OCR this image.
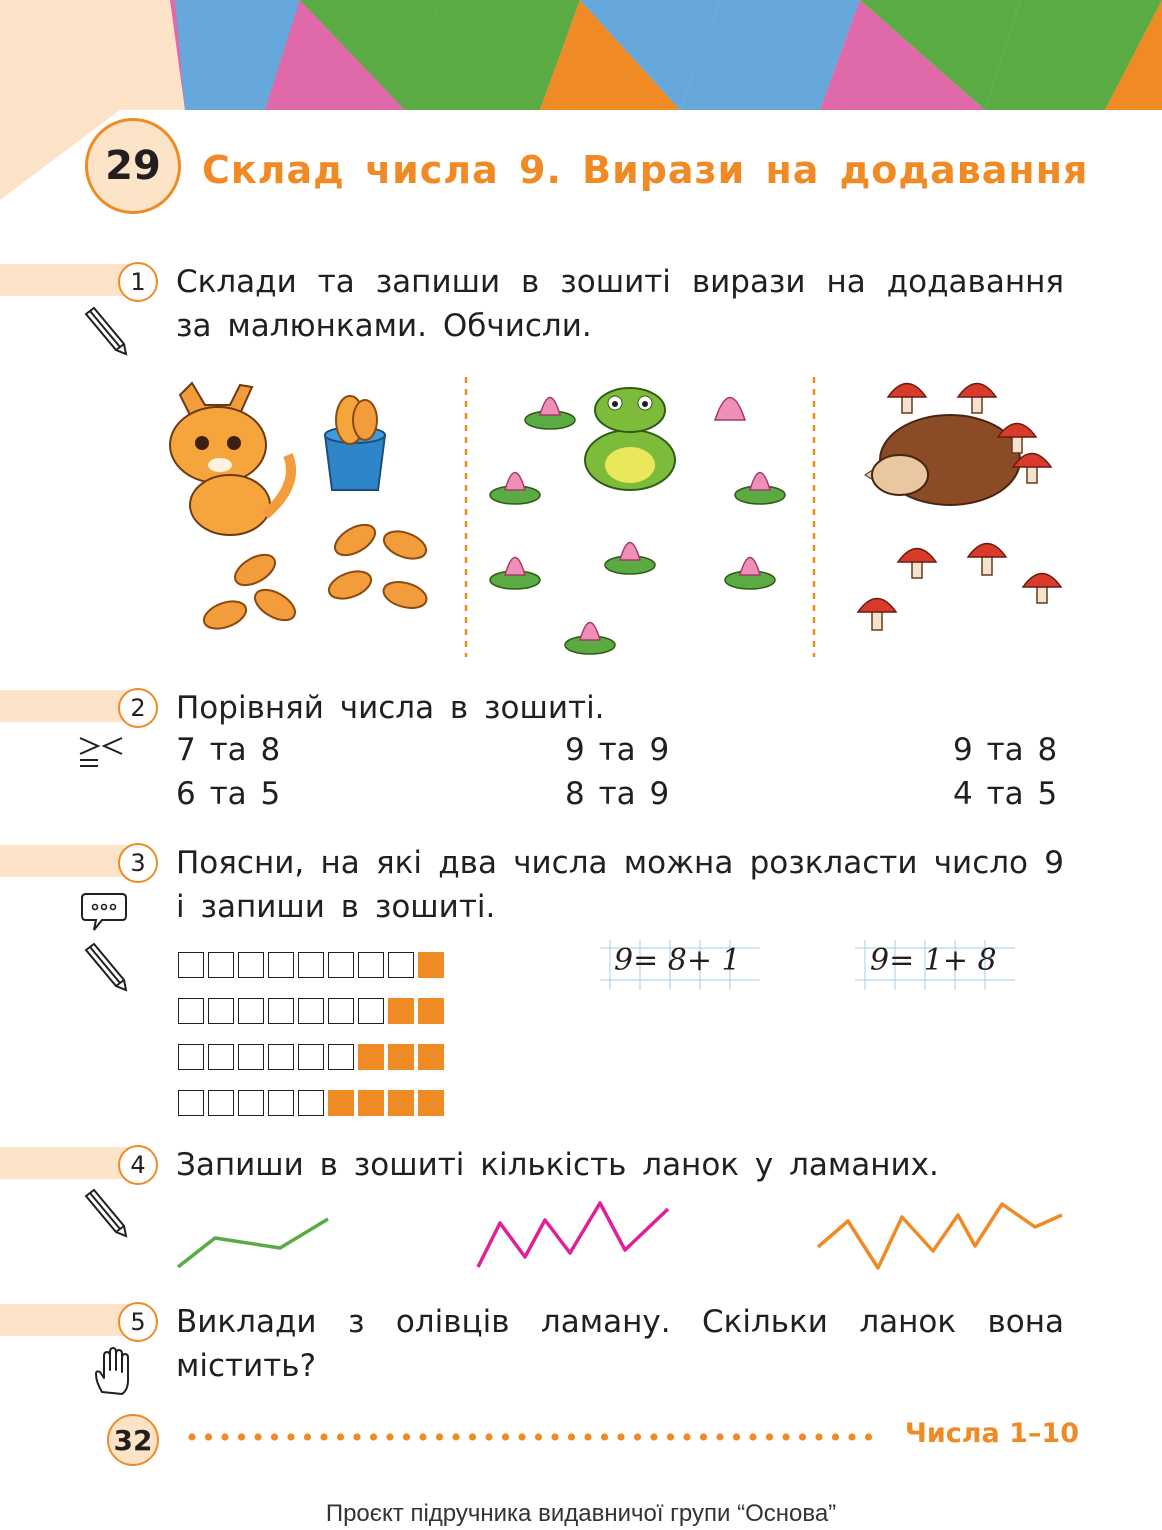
29	Склад числа 9. Вирази на додавання
1 Склади та запиши в зошиті вирази на додавання за малюнками. Обчисли.
2 Порівняй числа в зошиті.
7 та 8	9 та 9	9 та 8
6 та 5	8 та 9	4 та 5
3 Поясни, на які два числа можна розкласти число 9 і запиши в зошиті.
9= 8+ 1	9= 1+ 8
4 Запиши в зошиті кількість ланок у ламаних.
5 Виклади з олівців ламану. Скільки ланок вона містить?
32	Числа 1–10
Проєкт підручника видавничої групи “Основа”
